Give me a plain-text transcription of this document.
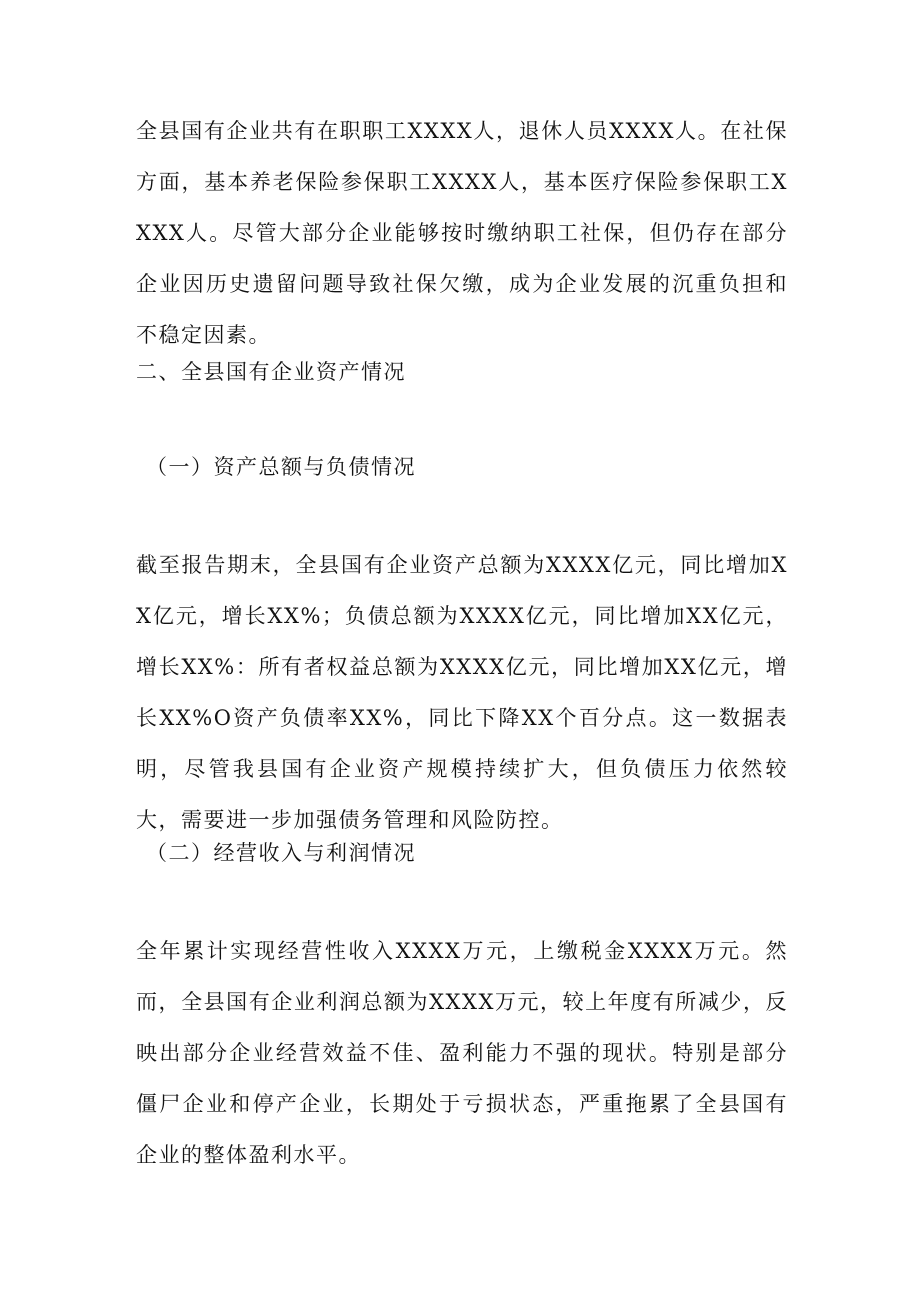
全县国有企业共有在职职工XXXX人，退休人员XXXX人。在社保方面，基本养老保险参保职工XXXX人，基本医疗保险参保职工XXXX人。尽管大部分企业能够按时缴纳职工社保，但仍存在部分企业因历史遗留问题导致社保欠缴，成为企业发展的沉重负担和不稳定因素。

二、全县国有企业资产情况
（一）资产总额与负债情况

截至报告期末，全县国有企业资产总额为XXXX亿元，同比增加XX亿元，增长XX%；负债总额为XXXX亿元，同比增加XX亿元，增长XX%：所有者权益总额为XXXX亿元，同比增加XX亿元，增长XX%O资产负债率XX%，同比下降XX个百分点。这一数据表明，尽管我县国有企业资产规模持续扩大，但负债压力依然较大，需要进一步加强债务管理和风险防控。

（二）经营收入与利润情况

全年累计实现经营性收入XXXX万元，上缴税金XXXX万元。然而，全县国有企业利润总额为XXXX万元，较上年度有所减少，反映出部分企业经营效益不佳、盈利能力不强的现状。特别是部分僵尸企业和停产企业，长期处于亏损状态，严重拖累了全县国有企业的整体盈利水平。
